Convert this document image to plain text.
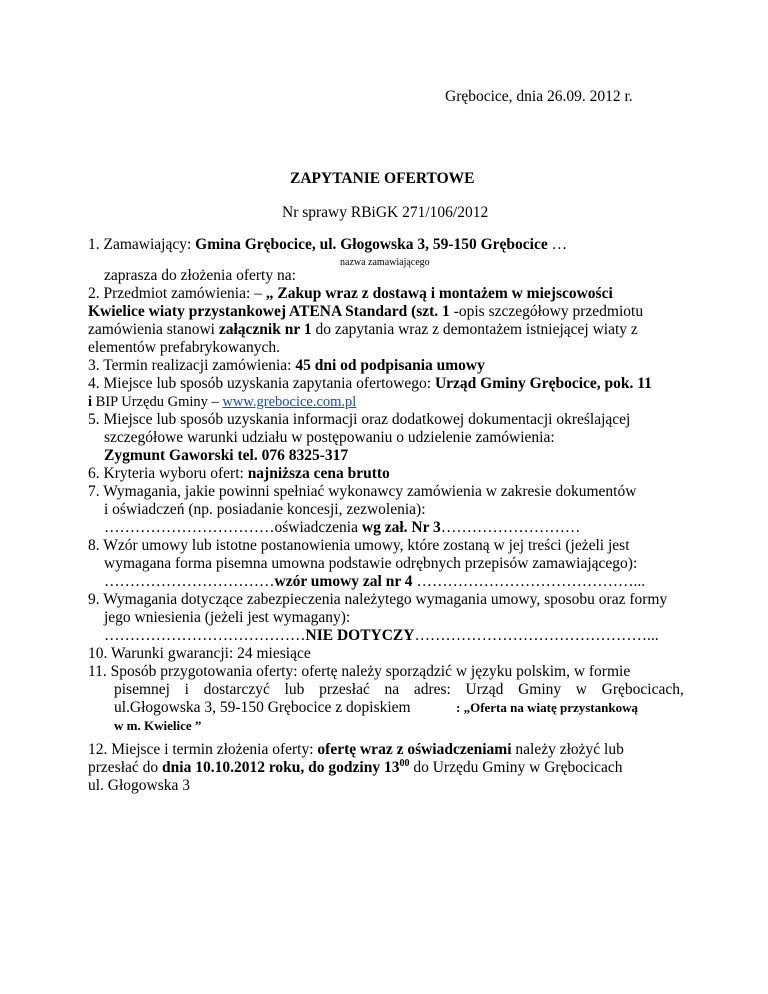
Grębocice, dnia 26.09. 2012 r.
ZAPYTANIE OFERTOWE
Nr sprawy RBiGK 271/106/2012
1. Zamawiający: Gmina Grębocice, ul. Głogowska 3, 59-150 Grębocice …
nazwa zamawiającego
zaprasza do złożenia oferty na:
2. Przedmiot zamówienia: – „ Zakup wraz z dostawą i montażem w miejscowości
Kwielice wiaty przystankowej ATENA Standard (szt. 1 -opis szczegółowy przedmiotu
zamówienia stanowi załącznik nr 1 do zapytania wraz z demontażem istniejącej wiaty z
elementów prefabrykowanych.
3. Termin realizacji zamówienia: 45 dni od podpisania umowy
4. Miejsce lub sposób uzyskania zapytania ofertowego: Urząd Gminy Grębocice, pok. 11
i BIP Urzędu Gminy – www.grebocice.com.pl
5. Miejsce lub sposób uzyskania informacji oraz dodatkowej dokumentacji określającej
szczegółowe warunki udziału w postępowaniu o udzielenie zamówienia:
Zygmunt Gaworski tel. 076 8325-317
6. Kryteria wyboru ofert: najniższa cena brutto
7. Wymagania, jakie powinni spełniać wykonawcy zamówienia w zakresie dokumentów
i oświadczeń (np. posiadanie koncesji, zezwolenia):
……………………………oświadczenia wg zał. Nr 3………………………
8. Wzór umowy lub istotne postanowienia umowy, które zostaną w jej treści (jeżeli jest
wymagana forma pisemna umowna podstawie odrębnych przepisów zamawiającego):
……………………………wzór umowy zal nr 4 ……………………………………...
9. Wymagania dotyczące zabezpieczenia należytego wymagania umowy, sposobu oraz formy
jego wniesienia (jeżeli jest wymagany):
…………………………………NIE DOTYCZY………………………………………...
10. Warunki gwarancji: 24 miesiące
11. Sposób przygotowania oferty: ofertę należy sporządzić w języku polskim, w formie
pisemnej i dostarczyć lub przesłać na adres: Urząd Gminy w Grębocicach,
ul.Głogowska 3, 59-150 Grębocice z dopiskiem	: „Oferta na wiatę przystankową
w m. Kwielice ”
12. Miejsce i termin złożenia oferty: ofertę wraz z oświadczeniami należy złożyć lub
przesłać do dnia 10.10.2012 roku, do godziny $13^{00}$ do Urzędu Gminy w Grębocicach
ul. Głogowska 3
